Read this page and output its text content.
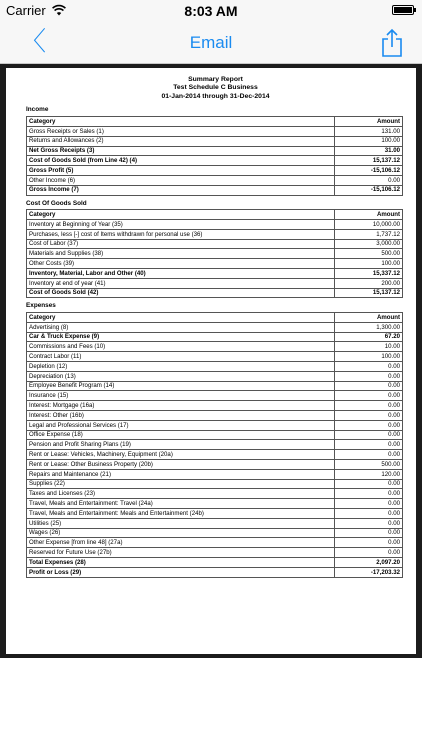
Carrier	8:03 AM
〈	Email
Summary Report
Test Schedule C Business
01-Jan-2014 through 31-Dec-2014
Income
Category	Amount
Gross Receipts or Sales (1)	131.00
Returns and Allowances (2)	100.00
Net Gross Receipts (3)	31.00
Cost of Goods Sold (from Line 42) (4)	15,137.12
Gross Profit (5)	-15,106.12
Other Income (6)	0.00
Gross Income (7)	-15,106.12
Cost Of Goods Sold
Category	Amount
Inventory at Beginning of Year (35)	10,000.00
Purchases, less [-] cost of Items withdrawn for personal use (36)	1,737.12
Cost of Labor (37)	3,000.00
Materials and Supplies (38)	500.00
Other Costs (39)	100.00
Inventory, Material, Labor and Other (40)	15,337.12
Inventory at end of year (41)	200.00
Cost of Goods Sold (42)	15,137.12
Expenses
Category	Amount
Advertising (8)	1,300.00
Car & Truck Expense (9)	67.20
Commissions and Fees (10)	10.00
Contract Labor (11)	100.00
Depletion (12)	0.00
Depreciation (13)	0.00
Employee Benefit Program (14)	0.00
Insurance (15)	0.00
Interest: Mortgage (16a)	0.00
Interest: Other (16b)	0.00
Legal and Professional Services (17)	0.00
Office Expense (18)	0.00
Pension and Profit Sharing Plans (19)	0.00
Rent or Lease: Vehicles, Machinery, Equipment (20a)	0.00
Rent or Lease: Other Business Property (20b)	500.00
Repairs and Maintenance (21)	120.00
Supplies (22)	0.00
Taxes and Licenses (23)	0.00
Travel, Meals and Entertainment: Travel (24a)	0.00
Travel, Meals and Entertainment: Meals and Entertainment (24b)	0.00
Utilities (25)	0.00
Wages (26)	0.00
Other Expense [from line 48] (27a)	0.00
Reserved for Future Use (27b)	0.00
Total Expenses (28)	2,097.20
Profit or Loss (29)	-17,203.32
